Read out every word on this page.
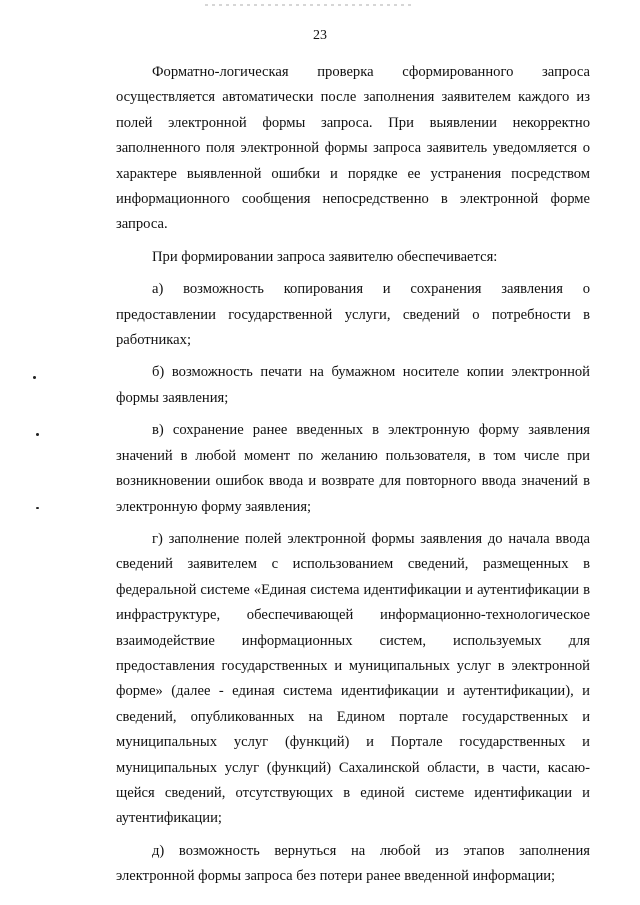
23

Форматно-логическая проверка сформированного запроса осуществляется автоматически после заполнения заявителем каждого из полей электронной формы запроса. При выявлении некорректно заполненного поля электронной формы запроса заявитель уведомляется о характере выявленной ошибки и порядке ее устранения посредством информационного сообщения непосредственно в электронной форме запроса.

При формировании запроса заявителю обеспечивается:

а) возможность копирования и сохранения заявления о предоставлении государственной услуги, сведений о потребности в работниках;

б) возможность печати на бумажном носителе копии электронной формы заявления;

в) сохранение ранее введенных в электронную форму заявления значений в любой момент по желанию пользователя, в том числе при возникновении ошибок ввода и возврате для повторного ввода значений в электронную форму заявления;

г) заполнение полей электронной формы заявления до начала ввода сведений заявителем с использованием сведений, размещенных в федеральной системе «Единая система идентификации и аутентификации в инфраструктуре, обеспечивающей информационно-технологическое взаимодействие информационных систем, используемых для предоставления государственных и муниципальных услуг в электронной форме» (далее - единая система идентификации и аутентификации), и сведений, опубликованных на Едином портале государственных и муниципальных услуг (функций) и Портале государственных и муниципальных услуг (функций) Сахалинской области, в части, касающейся сведений, отсутствующих в единой системе идентификации и аутентификации;

д) возможность вернуться на любой из этапов заполнения электронной формы запроса без потери ранее введенной информации;
